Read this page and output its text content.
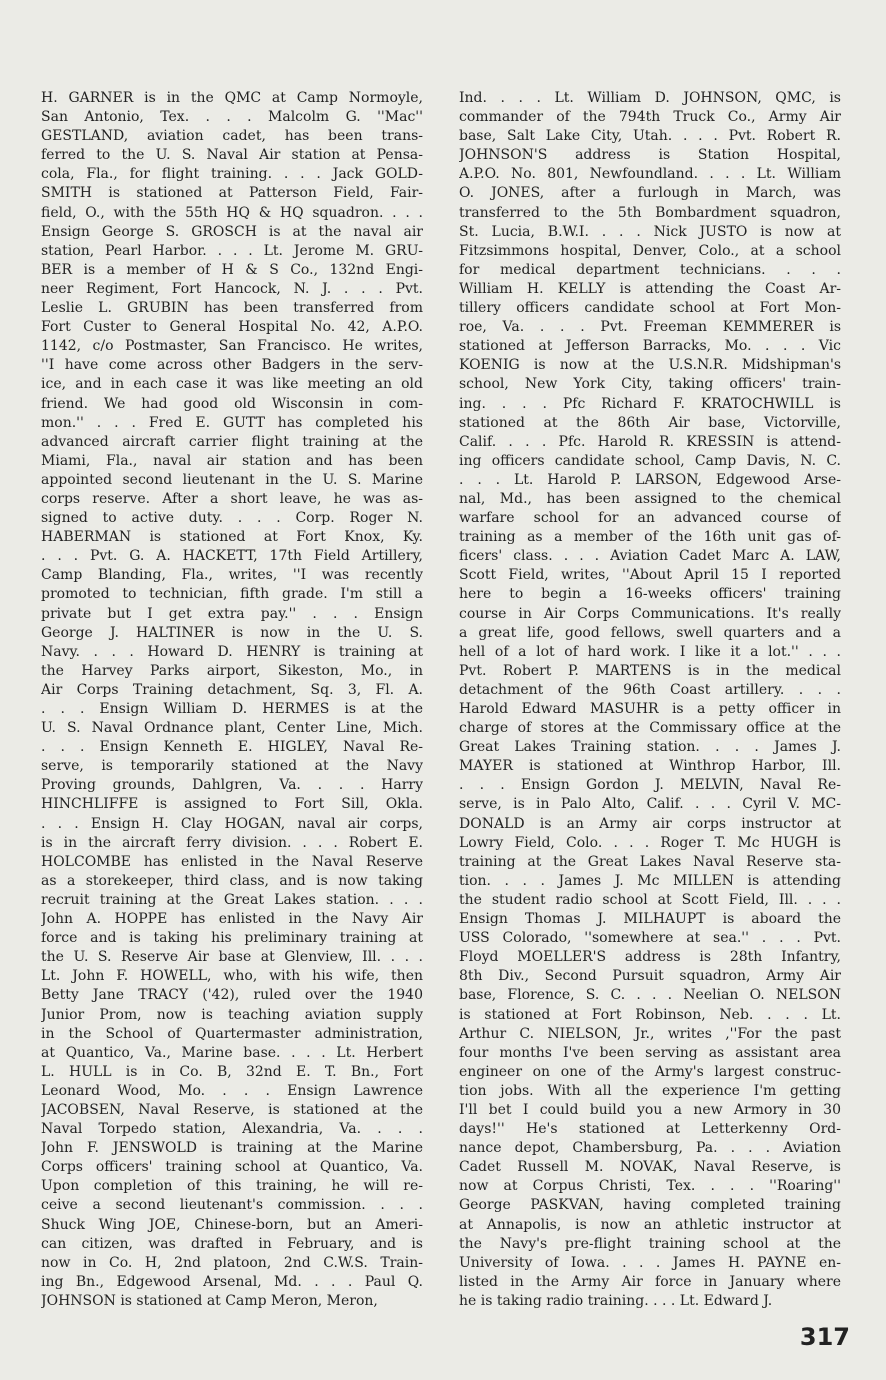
H. GARNER is in the QMC at Camp Normoyle,
San Antonio, Tex. . . . Malcolm G. ''Mac''
GESTLAND, aviation cadet, has been trans-
ferred to the U. S. Naval Air station at Pensa-
cola, Fla., for flight training. . . . Jack GOLD-
SMITH is stationed at Patterson Field, Fair-
field, O., with the 55th HQ & HQ squadron. . . .
Ensign George S. GROSCH is at the naval air
station, Pearl Harbor. . . . Lt. Jerome M. GRU-
BER is a member of H & S Co., 132nd Engi-
neer Regiment, Fort Hancock, N. J. . . . Pvt.
Leslie L. GRUBIN has been transferred from
Fort Custer to General Hospital No. 42, A.P.O.
1142, c/o Postmaster, San Francisco. He writes,
''I have come across other Badgers in the serv-
ice, and in each case it was like meeting an old
friend. We had good old Wisconsin in com-
mon.'' . . . Fred E. GUTT has completed his
advanced aircraft carrier flight training at the
Miami, Fla., naval air station and has been
appointed second lieutenant in the U. S. Marine
corps reserve. After a short leave, he was as-
signed to active duty. . . . Corp. Roger N.
HABERMAN is stationed at Fort Knox, Ky.
. . . Pvt. G. A. HACKETT, 17th Field Artillery,
Camp Blanding, Fla., writes, ''I was recently
promoted to technician, fifth grade. I'm still a
private but I get extra pay.'' . . . Ensign
George J. HALTINER is now in the U. S.
Navy. . . . Howard D. HENRY is training at
the Harvey Parks airport, Sikeston, Mo., in
Air Corps Training detachment, Sq. 3, Fl. A.
. . . Ensign William D. HERMES is at the
U. S. Naval Ordnance plant, Center Line, Mich.
. . . Ensign Kenneth E. HIGLEY, Naval Re-
serve, is temporarily stationed at the Navy
Proving grounds, Dahlgren, Va. . . . Harry
HINCHLIFFE is assigned to Fort Sill, Okla.
. . . Ensign H. Clay HOGAN, naval air corps,
is in the aircraft ferry division. . . . Robert E.
HOLCOMBE has enlisted in the Naval Reserve
as a storekeeper, third class, and is now taking
recruit training at the Great Lakes station. . . .
John A. HOPPE has enlisted in the Navy Air
force and is taking his preliminary training at
the U. S. Reserve Air base at Glenview, Ill. . . .
Lt. John F. HOWELL, who, with his wife, then
Betty Jane TRACY ('42), ruled over the 1940
Junior Prom, now is teaching aviation supply
in the School of Quartermaster administration,
at Quantico, Va., Marine base. . . . Lt. Herbert
L. HULL is in Co. B, 32nd E. T. Bn., Fort
Leonard Wood, Mo. . . . Ensign Lawrence
JACOBSEN, Naval Reserve, is stationed at the
Naval Torpedo station, Alexandria, Va. . . .
John F. JENSWOLD is training at the Marine
Corps officers' training school at Quantico, Va.
Upon completion of this training, he will re-
ceive a second lieutenant's commission. . . .
Shuck Wing JOE, Chinese-born, but an Ameri-
can citizen, was drafted in February, and is
now in Co. H, 2nd platoon, 2nd C.W.S. Train-
ing Bn., Edgewood Arsenal, Md. . . . Paul Q.
JOHNSON is stationed at Camp Meron, Meron,
Ind. . . . Lt. William D. JOHNSON, QMC, is
commander of the 794th Truck Co., Army Air
base, Salt Lake City, Utah. . . . Pvt. Robert R.
JOHNSON'S address is Station Hospital,
A.P.O. No. 801, Newfoundland. . . . Lt. William
O. JONES, after a furlough in March, was
transferred to the 5th Bombardment squadron,
St. Lucia, B.W.I. . . . Nick JUSTO is now at
Fitzsimmons hospital, Denver, Colo., at a school
for medical department technicians. . . .
William H. KELLY is attending the Coast Ar-
tillery officers candidate school at Fort Mon-
roe, Va. . . . Pvt. Freeman KEMMERER is
stationed at Jefferson Barracks, Mo. . . . Vic
KOENIG is now at the U.S.N.R. Midshipman's
school, New York City, taking officers' train-
ing. . . . Pfc Richard F. KRATOCHWILL is
stationed at the 86th Air base, Victorville,
Calif. . . . Pfc. Harold R. KRESSIN is attend-
ing officers candidate school, Camp Davis, N. C.
. . . Lt. Harold P. LARSON, Edgewood Arse-
nal, Md., has been assigned to the chemical
warfare school for an advanced course of
training as a member of the 16th unit gas of-
ficers' class. . . . Aviation Cadet Marc A. LAW,
Scott Field, writes, ''About April 15 I reported
here to begin a 16-weeks officers' training
course in Air Corps Communications. It's really
a great life, good fellows, swell quarters and a
hell of a lot of hard work. I like it a lot.'' . . .
Pvt. Robert P. MARTENS is in the medical
detachment of the 96th Coast artillery. . . .
Harold Edward MASUHR is a petty officer in
charge of stores at the Commissary office at the
Great Lakes Training station. . . . James J.
MAYER is stationed at Winthrop Harbor, Ill.
. . . Ensign Gordon J. MELVIN, Naval Re-
serve, is in Palo Alto, Calif. . . . Cyril V. MC-
DONALD is an Army air corps instructor at
Lowry Field, Colo. . . . Roger T. Mc HUGH is
training at the Great Lakes Naval Reserve sta-
tion. . . . James J. Mc MILLEN is attending
the student radio school at Scott Field, Ill. . . .
Ensign Thomas J. MILHAUPT is aboard the
USS Colorado, ''somewhere at sea.'' . . . Pvt.
Floyd MOELLER'S address is 28th Infantry,
8th Div., Second Pursuit squadron, Army Air
base, Florence, S. C. . . . Neelian O. NELSON
is stationed at Fort Robinson, Neb. . . . Lt.
Arthur C. NIELSON, Jr., writes ,''For the past
four months I've been serving as assistant area
engineer on one of the Army's largest construc-
tion jobs. With all the experience I'm getting
I'll bet I could build you a new Armory in 30
days!'' He's stationed at Letterkenny Ord-
nance depot, Chambersburg, Pa. . . . Aviation
Cadet Russell M. NOVAK, Naval Reserve, is
now at Corpus Christi, Tex. . . . ''Roaring''
George PASKVAN, having completed training
at Annapolis, is now an athletic instructor at
the Navy's pre-flight training school at the
University of Iowa. . . . James H. PAYNE en-
listed in the Army Air force in January where
he is taking radio training. . . . Lt. Edward J.
317
